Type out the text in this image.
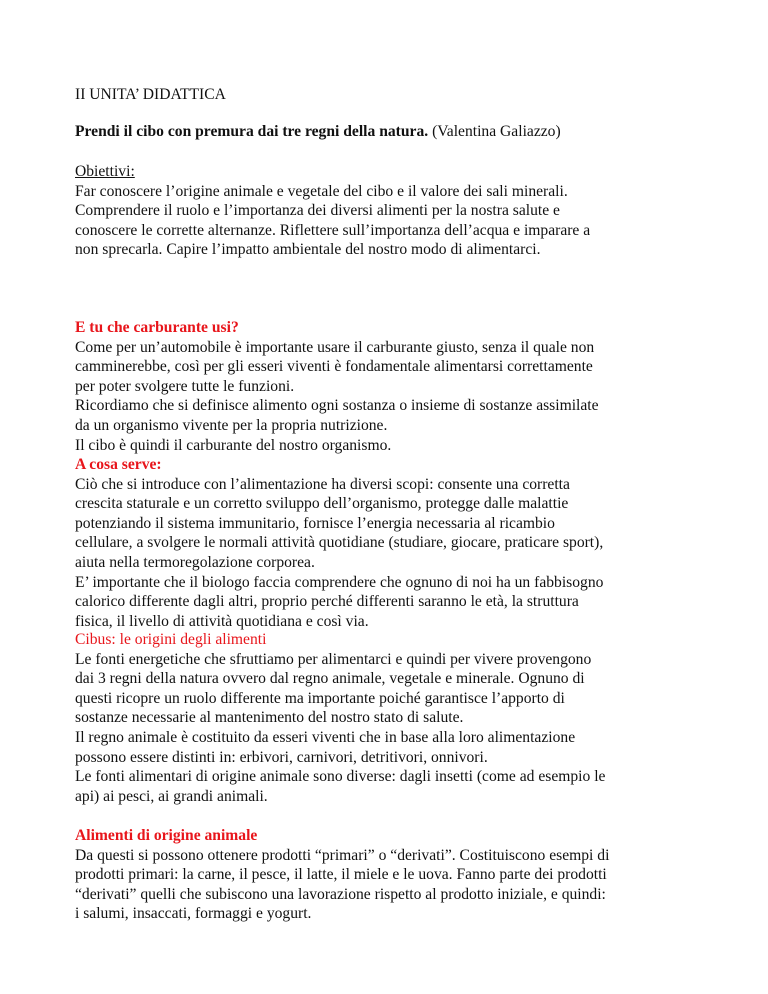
II UNITA’ DIDATTICA

Prendi il cibo con premura dai tre regni della natura. (Valentina Galiazzo)

Obiettivi:

Far conoscere l’origine animale e vegetale del cibo e il valore dei sali minerali.

Comprendere il ruolo e l’importanza dei diversi alimenti per la nostra salute e

conoscere le corrette alternanze. Riflettere sull’importanza dell’acqua e imparare a

non sprecarla. Capire l’impatto ambientale del nostro modo di alimentarci.

E tu che carburante usi?

Come per un’automobile è importante usare il carburante giusto, senza il quale non

camminerebbe, così per gli esseri viventi è fondamentale alimentarsi correttamente

per poter svolgere tutte le funzioni.

Ricordiamo che si definisce alimento ogni sostanza o insieme di sostanze assimilate

da un organismo vivente per la propria nutrizione.

Il cibo è quindi il carburante del nostro organismo.

A cosa serve:

Ciò che si introduce con l’alimentazione ha diversi scopi: consente una corretta

crescita staturale e un corretto sviluppo dell’organismo, protegge dalle malattie

potenziando il sistema immunitario, fornisce l’energia necessaria al ricambio

cellulare, a svolgere le normali attività quotidiane (studiare, giocare, praticare sport),

aiuta nella termoregolazione corporea.

E’ importante che il biologo faccia comprendere che ognuno di noi ha un fabbisogno

calorico differente dagli altri, proprio perché differenti saranno le età, la struttura

fisica, il livello di attività quotidiana e così via.

Cibus: le origini degli alimenti

Le fonti energetiche che sfruttiamo per alimentarci e quindi per vivere provengono

dai 3 regni della natura ovvero dal regno animale, vegetale e minerale. Ognuno di

questi ricopre un ruolo differente ma importante poiché garantisce l’apporto di

sostanze necessarie al mantenimento del nostro stato di salute.

Il regno animale è costituito da esseri viventi che in base alla loro alimentazione

possono essere distinti in: erbivori, carnivori, detritivori, onnivori.

Le fonti alimentari di origine animale sono diverse: dagli insetti (come ad esempio le

api) ai pesci, ai grandi animali.

Alimenti di origine animale

Da questi si possono ottenere prodotti “primari” o “derivati”. Costituiscono esempi di

prodotti primari: la carne, il pesce, il latte, il miele e le uova. Fanno parte dei prodotti

“derivati” quelli che subiscono una lavorazione rispetto al prodotto iniziale, e quindi:

i salumi, insaccati, formaggi e yogurt.
